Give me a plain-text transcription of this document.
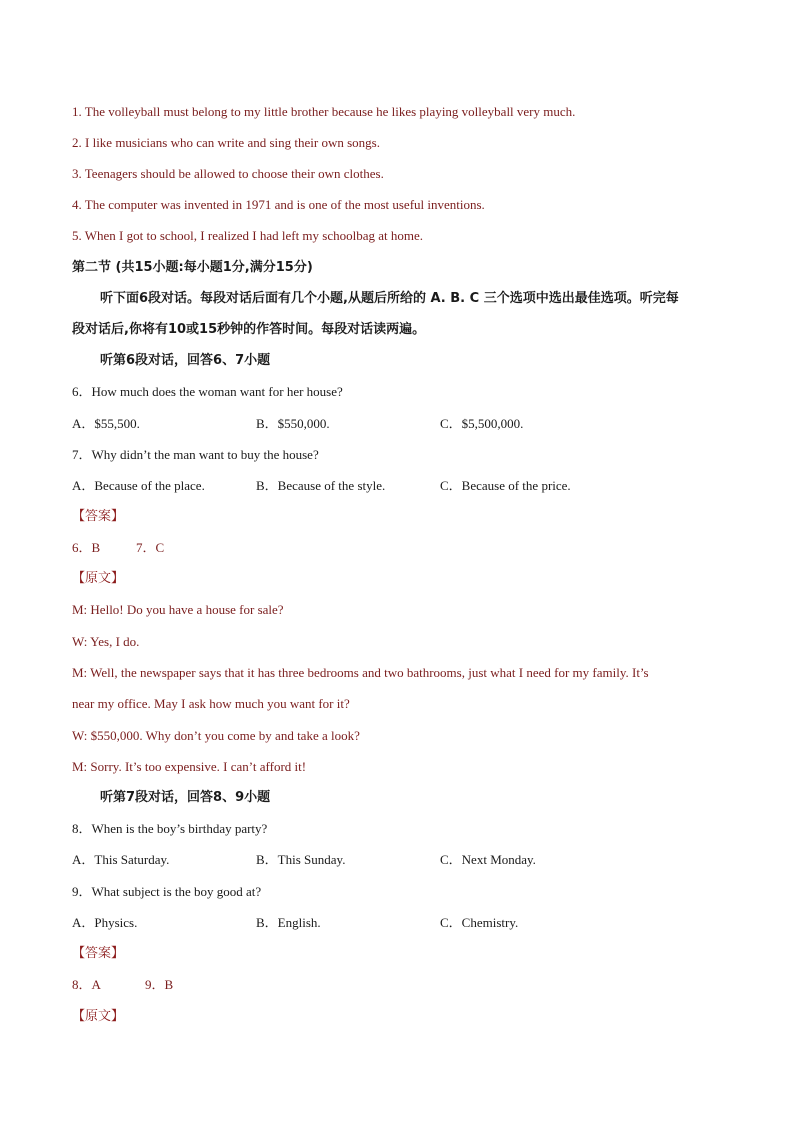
1. The volleyball must belong to my little brother because he likes playing volleyball very much.
2. I like musicians who can write and sing their own songs.
3. Teenagers should be allowed to choose their own clothes.
4. The computer was invented in 1971 and is one of the most useful inventions.
5. When I got to school, I realized I had left my schoolbag at home.
第二节 (共15小题:每小题1分,满分15分)
听下面6段对话。每段对话后面有几个小题,从题后所给的 A. B. C 三个选项中选出最佳选项。听完每
段对话后,你将有10或15秒钟的作答时间。每段对话读两遍。
听第6段对话，回答6、7小题
6．How much does the woman want for her house?
A．$55,500.	B．$550,000.	C．$5,500,000.
7．Why didn’t the man want to buy the house?
A．Because of the place.	B．Because of the style.	C．Because of the price.
【答案】
6．B	7．C
【原文】
M: Hello! Do you have a house for sale?
W: Yes, I do.
M: Well, the newspaper says that it has three bedrooms and two bathrooms, just what I need for my family. It’s
near my office. May I ask how much you want for it?
W: $550,000. Why don’t you come by and take a look?
M: Sorry. It’s too expensive. I can’t afford it!
听第7段对话，回答8、9小题
8．When is the boy’s birthday party?
A．This Saturday.	B．This Sunday.	C．Next Monday.
9．What subject is the boy good at?
A．Physics.	B．English.	C．Chemistry.
【答案】
8．A	9．B
【原文】
